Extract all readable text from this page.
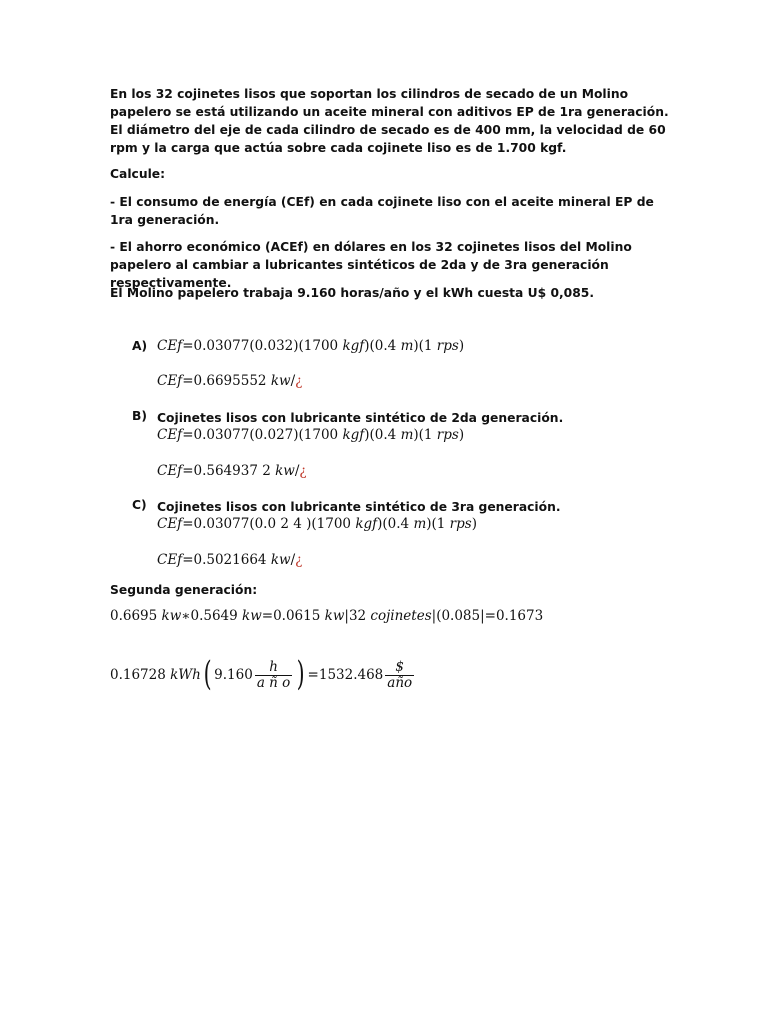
En los 32 cojinetes lisos que soportan los cilindros de secado de un Molino papelero se está utilizando un aceite mineral con aditivos EP de 1ra generación. El diámetro del eje de cada cilindro de secado es de 400 mm, la velocidad de 60 rpm y la carga que actúa sobre cada cojinete liso es de 1.700 kgf.

Calcule:

- El consumo de energía (CEf) en cada cojinete liso con el aceite mineral EP de 1ra generación.

- El ahorro económico (ACEf) en dólares en los 32 cojinetes lisos del Molino papelero al cambiar a lubricantes sintéticos de 2da y de 3ra generación respectivamente.

El Molino papelero trabaja 9.160 horas/año y el kWh cuesta U$ 0,085.

A) CEf=0.03077(0.032)(1700 kgf)(0.4 m)(1 rps)
CEf=0.6695552 kw/¿
B) Cojinetes lisos con lubricante sintético de 2da generación.
CEf=0.03077(0.027)(1700 kgf)(0.4 m)(1 rps)
CEf=0.564937 2 kw/¿
C) Cojinetes lisos con lubricante sintético de 3ra generación.
CEf=0.03077(0.0 2 4 )(1700 kgf)(0.4 m)(1 rps)
CEf=0.5021664 kw/¿
Segunda generación:
0.6695 kw∗0.5649 kw=0.0615 kw|32 cojinetes|(0.085|=0.1673
0.16728 kWh( $9.160 \frac{h}{\text{a ñ o}}$ ) $=1532.468 \frac{\$}{\text{año}}$
